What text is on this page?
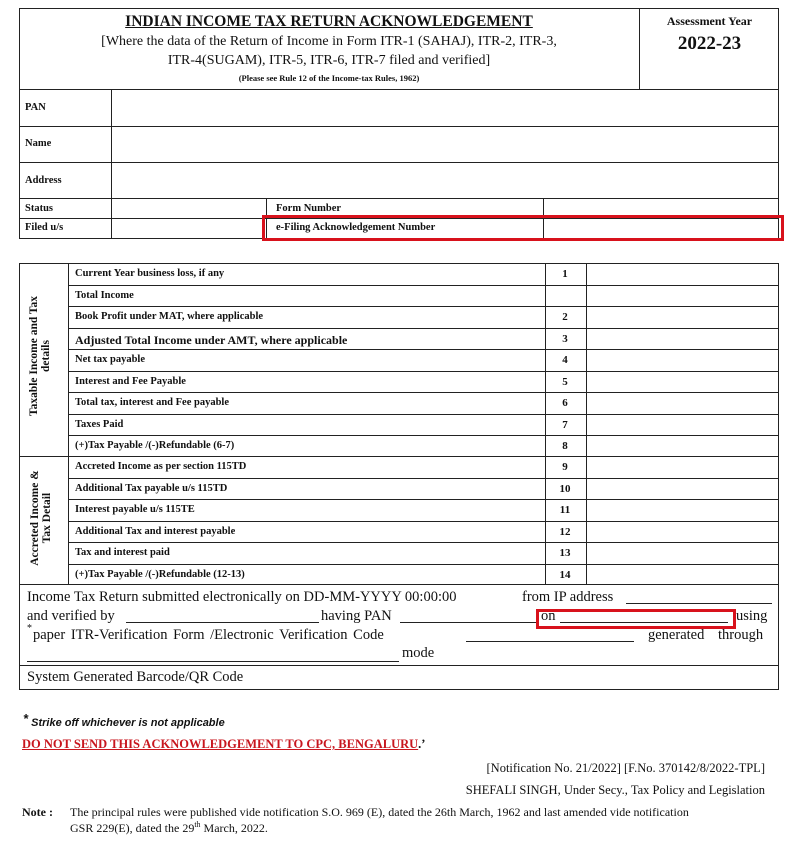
INDIAN INCOME TAX RETURN ACKNOWLEDGEMENT
[Where the data of the Return of Income in Form ITR-1 (SAHAJ), ITR-2, ITR-3,
ITR-4(SUGAM), ITR-5, ITR-6, ITR-7 filed and verified]
(Please see Rule 12 of the Income-tax Rules, 1962)
Assessment Year
2022-23
PAN
Name
Address
Status
Filed u/s
Form Number
e-Filing Acknowledgement Number
Current Year business loss, if any	1
Total Income
Book Profit under MAT, where applicable	2
Adjusted Total Income under AMT, where applicable	3
Net tax payable	4
Interest and Fee Payable	5
Total tax, interest and Fee payable	6
Taxes Paid	7
(+)Tax Payable /(-)Refundable (6-7)	8
Accreted Income as per section 115TD	9
Additional Tax payable u/s 115TD	10
Interest payable u/s 115TE	11
Additional Tax and interest payable	12
Tax and interest paid	13
(+)Tax Payable /(-)Refundable (12-13)	14
Taxable Income and Tax details
Accreted Income & Tax Detail
Income Tax Return submitted electronically on DD-MM-YYYY 00:00:00	from IP address
and verified by	having PAN	on	using
* paper ITR-Verification Form /Electronic Verification Code	generated through
mode
System Generated Barcode/QR Code
* Strike off whichever is not applicable
DO NOT SEND THIS ACKNOWLEDGEMENT TO CPC, BENGALURU.’
[Notification No. 21/2022] [F.No. 370142/8/2022-TPL]
SHEFALI SINGH, Under Secy., Tax Policy and Legislation
Note : The principal rules were published vide notification S.O. 969 (E), dated the 26th March, 1962 and last amended vide notification
GSR 229(E), dated the 29th March, 2022.
